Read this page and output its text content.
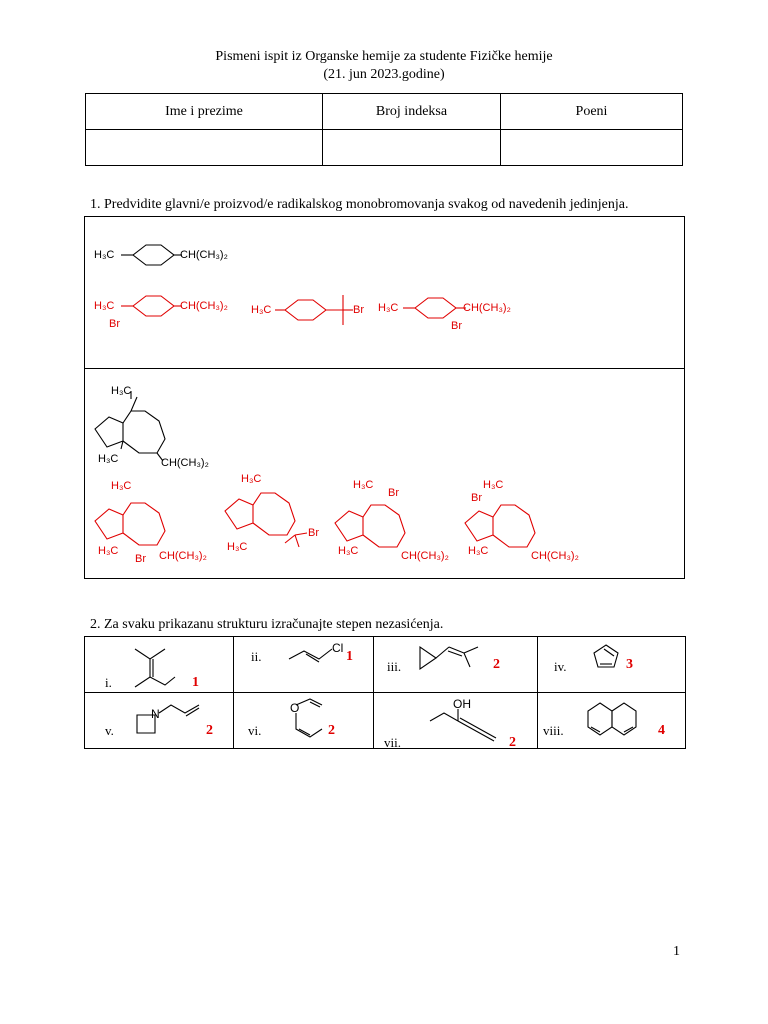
Pismeni ispit iz Organske hemije za studente Fizičke hemije
(21. jun 2023.godine)
Ime i prezime	Broj indeksa	Poeni

1. Predvidite glavni/e proizvod/e radikalskog monobromovanja svakog od navedenih jedinjenja.
H₃C	CH(CH₃)₂
H₃C
Br
CH(CH₃)₂ H₃C	Br H₃C
Br
CH(CH₃)₂
H₃C
H₃C	CH(CH₃)₂
H₃C
H₃C
Br CH(CH₃)₂
H₃C
H₃C
Br
H₃C
Br
H₃C	CH(CH₃)₂
H₃C
Br
H₃C	CH(CH₃)₂
2. Za svaku prikazanu strukturu izračunajte stepen nezasićenja.
i. 1	ii.
Cl
1	iii. 2	iv. 3

v.
N
2	vi.
O
2	vii.
OH
2	viii. 4
1
